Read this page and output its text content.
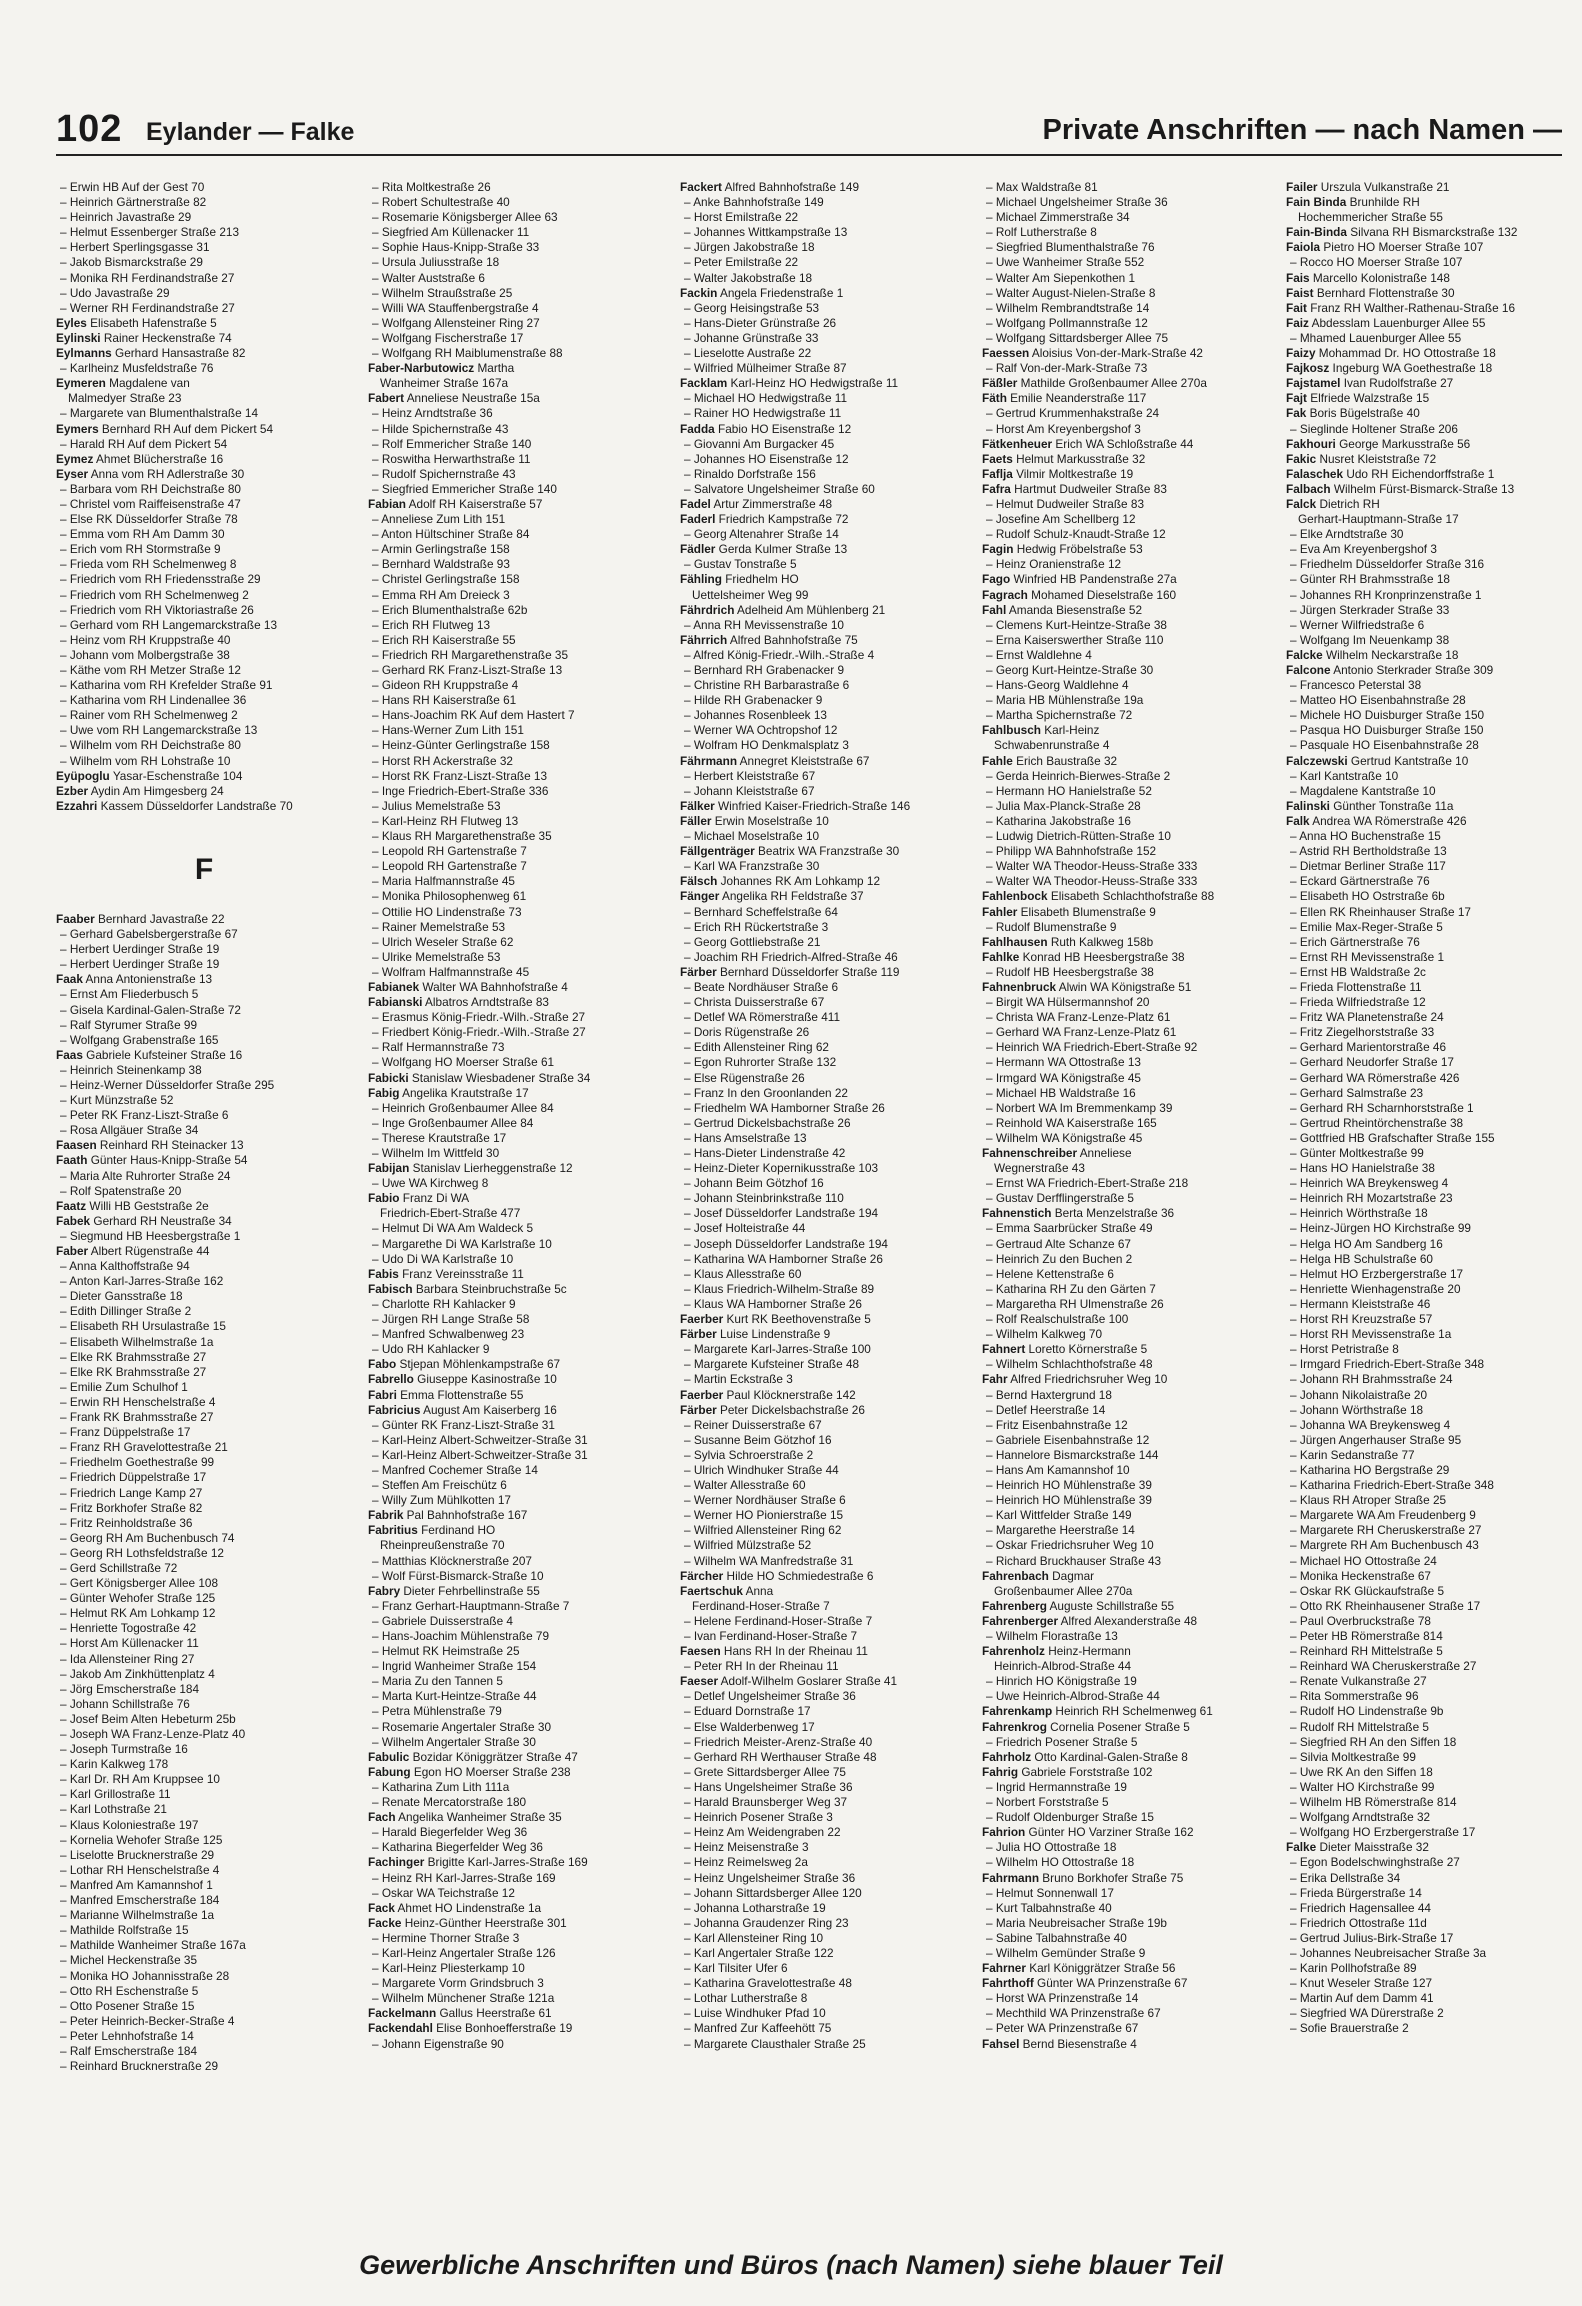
102 Eylander — Falke	Private Anschriften — nach Namen —
– Erwin HB Auf der Gest 70
– Heinrich Gärtnerstraße 82
– Heinrich Javastraße 29
– Helmut Essenberger Straße 213
– Herbert Sperlingsgasse 31
– Jakob Bismarckstraße 29
– Monika RH Ferdinandstraße 27
– Udo Javastraße 29
– Werner RH Ferdinandstraße 27
Eyles Elisabeth Hafenstraße 5
Eylinski Rainer Heckenstraße 74
Eylmanns Gerhard Hansastraße 82
– Karlheinz Musfeldstraße 76
Eymeren Magdalene van
Malmedyer Straße 23
– Margarete van Blumenthalstraße 14
Eymers Bernhard RH Auf dem Pickert 54
– Harald RH Auf dem Pickert 54
Eymez Ahmet Blücherstraße 16
Eyser Anna vom RH Adlerstraße 30
– Barbara vom RH Deichstraße 80
– Christel vom Raiffeisenstraße 47
– Else RK Düsseldorfer Straße 78
– Emma vom RH Am Damm 30
– Erich vom RH Stormstraße 9
– Frieda vom RH Schelmenweg 8
– Friedrich vom RH Friedensstraße 29
– Friedrich vom RH Schelmenweg 2
– Friedrich vom RH Viktoriastraße 26
– Gerhard vom RH Langemarckstraße 13
– Heinz vom RH Kruppstraße 40
– Johann vom Molbergstraße 38
– Käthe vom RH Metzer Straße 12
– Katharina vom RH Krefelder Straße 91
– Katharina vom RH Lindenallee 36
– Rainer vom RH Schelmenweg 2
– Uwe vom RH Langemarckstraße 13
– Wilhelm vom RH Deichstraße 80
– Wilhelm vom RH Lohstraße 10
Eyüpoglu Yasar-Eschenstraße 104
Ezber Aydin Am Himgesberg 24
Ezzahri Kassem Düsseldorfer Landstraße 70
F
Faaber Bernhard Javastraße 22
– Gerhard Gabelsbergerstraße 67
– Herbert Uerdinger Straße 19
– Herbert Uerdinger Straße 19
Faak Anna Antonienstraße 13
– Ernst Am Fliederbusch 5
– Gisela Kardinal-Galen-Straße 72
– Ralf Styrumer Straße 99
– Wolfgang Grabenstraße 165
Faas Gabriele Kufsteiner Straße 16
– Heinrich Steinenkamp 38
– Heinz-Werner Düsseldorfer Straße 295
– Kurt Münzstraße 52
– Peter RK Franz-Liszt-Straße 6
– Rosa Allgäuer Straße 34
Faasen Reinhard RH Steinacker 13
Faath Günter Haus-Knipp-Straße 54
– Maria Alte Ruhrorter Straße 24
– Rolf Spatenstraße 20
Faatz Willi HB Geststraße 2e
Fabek Gerhard RH Neustraße 34
– Siegmund HB Heesbergstraße 1
Faber Albert Rügenstraße 44
– Anna Kalthoffstraße 94
– Anton Karl-Jarres-Straße 162
– Dieter Gansstraße 18
– Edith Dillinger Straße 2
– Elisabeth RH Ursulastraße 15
– Elisabeth Wilhelmstraße 1a
– Elke RK Brahmsstraße 27
– Elke RK Brahmsstraße 27
– Emilie Zum Schulhof 1
– Erwin RH Henschelstraße 4
– Frank RK Brahmsstraße 27
– Franz Düppelstraße 17
– Franz RH Gravelottestraße 21
– Friedhelm Goethestraße 99
– Friedrich Düppelstraße 17
– Friedrich Lange Kamp 27
– Fritz Borkhofer Straße 82
– Fritz Reinholdstraße 36
– Georg RH Am Buchenbusch 74
– Georg RH Lothsfeldstraße 12
– Gerd Schillstraße 72
– Gert Königsberger Allee 108
– Günter Wehofer Straße 125
– Helmut RK Am Lohkamp 12
– Henriette Togostraße 42
– Horst Am Küllenacker 11
– Ida Allensteiner Ring 27
– Jakob Am Zinkhüttenplatz 4
– Jörg Emscherstraße 184
– Johann Schillstraße 76
– Josef Beim Alten Hebeturm 25b
– Joseph WA Franz-Lenze-Platz 40
– Joseph Turmstraße 16
– Karin Kalkweg 178
– Karl Dr. RH Am Kruppsee 10
– Karl Grillostraße 11
– Karl Lothstraße 21
– Klaus Koloniestraße 197
– Kornelia Wehofer Straße 125
– Liselotte Brucknerstraße 29
– Lothar RH Henschelstraße 4
– Manfred Am Kamannshof 1
– Manfred Emscherstraße 184
– Marianne Wilhelmstraße 1a
– Mathilde Rolfstraße 15
– Mathilde Wanheimer Straße 167a
– Michel Heckenstraße 35
– Monika HO Johannisstraße 28
– Otto RH Eschenstraße 5
– Otto Posener Straße 15
– Peter Heinrich-Becker-Straße 4
– Peter Lehnhofstraße 14
– Ralf Emscherstraße 184
– Reinhard Brucknerstraße 29
– Rita Moltkestraße 26
– Robert Schultestraße 40
– Rosemarie Königsberger Allee 63
– Siegfried Am Küllenacker 11
– Sophie Haus-Knipp-Straße 33
– Ursula Juliusstraße 18
– Walter Auststraße 6
– Wilhelm Straußstraße 25
– Willi WA Stauffenbergstraße 4
– Wolfgang Allensteiner Ring 27
– Wolfgang Fischerstraße 17
– Wolfgang RH Maiblumenstraße 88
Faber-Narbutowicz Martha
Wanheimer Straße 167a
Fabert Anneliese Neustraße 15a
– Heinz Arndtstraße 36
– Hilde Spichernstraße 43
– Rolf Emmericher Straße 140
– Roswitha Herwarthstraße 11
– Rudolf Spichernstraße 43
– Siegfried Emmericher Straße 140
Fabian Adolf RH Kaiserstraße 57
– Anneliese Zum Lith 151
– Anton Hültschiner Straße 84
– Armin Gerlingstraße 158
– Bernhard Waldstraße 93
– Christel Gerlingstraße 158
– Emma RH Am Dreieck 3
– Erich Blumenthalstraße 62b
– Erich RH Flutweg 13
– Erich RH Kaiserstraße 55
– Friedrich RH Margarethenstraße 35
– Gerhard RK Franz-Liszt-Straße 13
– Gideon RH Kruppstraße 4
– Hans RH Kaiserstraße 61
– Hans-Joachim RK Auf dem Hastert 7
– Hans-Werner Zum Lith 151
– Heinz-Günter Gerlingstraße 158
– Horst RH Ackerstraße 32
– Horst RK Franz-Liszt-Straße 13
– Inge Friedrich-Ebert-Straße 336
– Julius Memelstraße 53
– Karl-Heinz RH Flutweg 13
– Klaus RH Margarethenstraße 35
– Leopold RH Gartenstraße 7
– Leopold RH Gartenstraße 7
– Maria Halfmannstraße 45
– Monika Philosophenweg 61
– Ottilie HO Lindenstraße 73
– Rainer Memelstraße 53
– Ulrich Weseler Straße 62
– Ulrike Memelstraße 53
– Wolfram Halfmannstraße 45
Fabianek Walter WA Bahnhofstraße 4
Fabianski Albatros Arndtstraße 83
– Erasmus König-Friedr.-Wilh.-Straße 27
– Friedbert König-Friedr.-Wilh.-Straße 27
– Ralf Hermannstraße 73
– Wolfgang HO Moerser Straße 61
Fabicki Stanislaw Wiesbadener Straße 34
Fabig Angelika Krautstraße 17
– Heinrich Großenbaumer Allee 84
– Inge Großenbaumer Allee 84
– Therese Krautstraße 17
– Wilhelm Im Wittfeld 30
Fabijan Stanislav Lierheggenstraße 12
– Uwe WA Kirchweg 8
Fabio Franz Di WA
Friedrich-Ebert-Straße 477
– Helmut Di WA Am Waldeck 5
– Margarethe Di WA Karlstraße 10
– Udo Di WA Karlstraße 10
Fabis Franz Vereinsstraße 11
Fabisch Barbara Steinbruchstraße 5c
– Charlotte RH Kahlacker 9
– Jürgen RH Lange Straße 58
– Manfred Schwalbenweg 23
– Udo RH Kahlacker 9
Fabo Stjepan Möhlenkampstraße 67
Fabrello Giuseppe Kasinostraße 10
Fabri Emma Flottenstraße 55
Fabricius August Am Kaiserberg 16
– Günter RK Franz-Liszt-Straße 31
– Karl-Heinz Albert-Schweitzer-Straße 31
– Karl-Heinz Albert-Schweitzer-Straße 31
– Manfred Cochemer Straße 14
– Steffen Am Freischütz 6
– Willy Zum Mühlkotten 17
Fabrik Pal Bahnhofstraße 167
Fabritius Ferdinand HO
Rheinpreußenstraße 70
– Matthias Klöcknerstraße 207
– Wolf Fürst-Bismarck-Straße 10
Fabry Dieter Fehrbellinstraße 55
– Franz Gerhart-Hauptmann-Straße 7
– Gabriele Duisserstraße 4
– Hans-Joachim Mühlenstraße 79
– Helmut RK Heimstraße 25
– Ingrid Wanheimer Straße 154
– Maria Zu den Tannen 5
– Marta Kurt-Heintze-Straße 44
– Petra Mühlenstraße 79
– Rosemarie Angertaler Straße 30
– Wilhelm Angertaler Straße 30
Fabulic Bozidar Königgrätzer Straße 47
Fabung Egon HO Moerser Straße 238
– Katharina Zum Lith 111a
– Renate Mercatorstraße 180
Fach Angelika Wanheimer Straße 35
– Harald Biegerfelder Weg 36
– Katharina Biegerfelder Weg 36
Fachinger Brigitte Karl-Jarres-Straße 169
– Heinz RH Karl-Jarres-Straße 169
– Oskar WA Teichstraße 12
Fack Ahmet HO Lindenstraße 1a
Facke Heinz-Günther Heerstraße 301
– Hermine Thorner Straße 3
– Karl-Heinz Angertaler Straße 126
– Karl-Heinz Pliesterkamp 10
– Margarete Vorm Grindsbruch 3
– Wilhelm Münchener Straße 121a
Fackelmann Gallus Heerstraße 61
Fackendahl Elise Bonhoefferstraße 19
– Johann Eigenstraße 90
Fackert Alfred Bahnhofstraße 149
– Anke Bahnhofstraße 149
– Horst Emilstraße 22
– Johannes Wittkampstraße 13
– Jürgen Jakobstraße 18
– Peter Emilstraße 22
– Walter Jakobstraße 18
Fackin Angela Friedenstraße 1
– Georg Heisingstraße 53
– Hans-Dieter Grünstraße 26
– Johanne Grünstraße 33
– Lieselotte Austraße 22
– Wilfried Mülheimer Straße 87
Facklam Karl-Heinz HO Hedwigstraße 11
– Michael HO Hedwigstraße 11
– Rainer HO Hedwigstraße 11
Fadda Fabio HO Eisenstraße 12
– Giovanni Am Burgacker 45
– Johannes HO Eisenstraße 12
– Rinaldo Dorfstraße 156
– Salvatore Ungelsheimer Straße 60
Fadel Artur Zimmerstraße 48
Faderl Friedrich Kampstraße 72
– Georg Altenahrer Straße 14
Fädler Gerda Kulmer Straße 13
– Gustav Tonstraße 5
Fähling Friedhelm HO
Uettelsheimer Weg 99
Fährdrich Adelheid Am Mühlenberg 21
– Anna RH Mevissenstraße 10
Fährrich Alfred Bahnhofstraße 75
– Alfred König-Friedr.-Wilh.-Straße 4
– Bernhard RH Grabenacker 9
– Christine RH Barbarastraße 6
– Hilde RH Grabenacker 9
– Johannes Rosenbleek 13
– Werner WA Ochtropshof 12
– Wolfram HO Denkmalsplatz 3
Fährmann Annegret Kleiststraße 67
– Herbert Kleiststraße 67
– Johann Kleiststraße 67
Fälker Winfried Kaiser-Friedrich-Straße 146
Fäller Erwin Moselstraße 10
– Michael Moselstraße 10
Fällgenträger Beatrix WA Franzstraße 30
– Karl WA Franzstraße 30
Fälsch Johannes RK Am Lohkamp 12
Fänger Angelika RH Feldstraße 37
– Bernhard Scheffelstraße 64
– Erich RH Rückertstraße 3
– Georg Gottliebstraße 21
– Joachim RH Friedrich-Alfred-Straße 46
Färber Bernhard Düsseldorfer Straße 119
– Beate Nordhäuser Straße 6
– Christa Duisserstraße 67
– Detlef WA Römerstraße 411
– Doris Rügenstraße 26
– Edith Allensteiner Ring 62
– Egon Ruhrorter Straße 132
– Else Rügenstraße 26
– Franz In den Groonlanden 22
– Friedhelm WA Hamborner Straße 26
– Gertrud Dickelsbachstraße 26
– Hans Amselstraße 13
– Hans-Dieter Lindenstraße 42
– Heinz-Dieter Kopernikusstraße 103
– Johann Beim Götzhof 16
– Johann Steinbrinkstraße 110
– Josef Düsseldorfer Landstraße 194
– Josef Holteistraße 44
– Joseph Düsseldorfer Landstraße 194
– Katharina WA Hamborner Straße 26
– Klaus Allesstraße 60
– Klaus Friedrich-Wilhelm-Straße 89
– Klaus WA Hamborner Straße 26
Faerber Kurt RK Beethovenstraße 5
Färber Luise Lindenstraße 9
– Margarete Karl-Jarres-Straße 100
– Margarete Kufsteiner Straße 48
– Martin Eckstraße 3
Faerber Paul Klöcknerstraße 142
Färber Peter Dickelsbachstraße 26
– Reiner Duisserstraße 67
– Susanne Beim Götzhof 16
– Sylvia Schroerstraße 2
– Ulrich Windhuker Straße 44
– Walter Allesstraße 60
– Werner Nordhäuser Straße 6
– Werner HO Pionierstraße 15
– Wilfried Allensteiner Ring 62
– Wilfried Mülzstraße 52
– Wilhelm WA Manfredstraße 31
Färcher Hilde HO Schmiedestraße 6
Faertschuk Anna
Ferdinand-Hoser-Straße 7
– Helene Ferdinand-Hoser-Straße 7
– Ivan Ferdinand-Hoser-Straße 7
Faesen Hans RH In der Rheinau 11
– Peter RH In der Rheinau 11
Faeser Adolf-Wilhelm Goslarer Straße 41
– Detlef Ungelsheimer Straße 36
– Eduard Dornstraße 17
– Else Walderbenweg 17
– Friedrich Meister-Arenz-Straße 40
– Gerhard RH Werthauser Straße 48
– Grete Sittardsberger Allee 75
– Hans Ungelsheimer Straße 36
– Harald Braunsberger Weg 37
– Heinrich Posener Straße 3
– Heinz Am Weidengraben 22
– Heinz Meisenstraße 3
– Heinz Reimelsweg 2a
– Heinz Ungelsheimer Straße 36
– Johann Sittardsberger Allee 120
– Johanna Lotharstraße 19
– Johanna Graudenzer Ring 23
– Karl Allensteiner Ring 10
– Karl Angertaler Straße 122
– Karl Tilsiter Ufer 6
– Katharina Gravelottestraße 48
– Lothar Lutherstraße 8
– Luise Windhuker Pfad 10
– Manfred Zur Kaffeehött 75
– Margarete Clausthaler Straße 25
– Max Waldstraße 81
– Michael Ungelsheimer Straße 36
– Michael Zimmerstraße 34
– Rolf Lutherstraße 8
– Siegfried Blumenthalstraße 76
– Uwe Wanheimer Straße 552
– Walter Am Siepenkothen 1
– Walter August-Nielen-Straße 8
– Wilhelm Rembrandtstraße 14
– Wolfgang Pollmannstraße 12
– Wolfgang Sittardsberger Allee 75
Faessen Aloisius Von-der-Mark-Straße 42
– Ralf Von-der-Mark-Straße 73
Fäßler Mathilde Großenbaumer Allee 270a
Fäth Emilie Neanderstraße 117
– Gertrud Krummenhakstraße 24
– Horst Am Kreyenbergshof 3
Fätkenheuer Erich WA Schloßstraße 44
Faets Helmut Markusstraße 32
Faflja Vilmir Moltkestraße 19
Fafra Hartmut Dudweiler Straße 83
– Helmut Dudweiler Straße 83
– Josefine Am Schellberg 12
– Rudolf Schulz-Knaudt-Straße 12
Fagin Hedwig Fröbelstraße 53
– Heinz Oranienstraße 12
Fago Winfried HB Pandenstraße 27a
Fagrach Mohamed Dieselstraße 160
Fahl Amanda Biesenstraße 52
– Clemens Kurt-Heintze-Straße 38
– Erna Kaiserswerther Straße 110
– Ernst Waldlehne 4
– Georg Kurt-Heintze-Straße 30
– Hans-Georg Waldlehne 4
– Maria HB Mühlenstraße 19a
– Martha Spichernstraße 72
Fahlbusch Karl-Heinz
Schwabenrunstraße 4
Fahle Erich Baustraße 32
– Gerda Heinrich-Bierwes-Straße 2
– Hermann HO Hanielstraße 52
– Julia Max-Planck-Straße 28
– Katharina Jakobstraße 16
– Ludwig Dietrich-Rütten-Straße 10
– Philipp WA Bahnhofstraße 152
– Walter WA Theodor-Heuss-Straße 333
– Walter WA Theodor-Heuss-Straße 333
Fahlenbock Elisabeth Schlachthofstraße 88
Fahler Elisabeth Blumenstraße 9
– Rudolf Blumenstraße 9
Fahlhausen Ruth Kalkweg 158b
Fahlke Konrad HB Heesbergstraße 38
– Rudolf HB Heesbergstraße 38
Fahnenbruck Alwin WA Königstraße 51
– Birgit WA Hülsermannshof 20
– Christa WA Franz-Lenze-Platz 61
– Gerhard WA Franz-Lenze-Platz 61
– Heinrich WA Friedrich-Ebert-Straße 92
– Hermann WA Ottostraße 13
– Irmgard WA Königstraße 45
– Michael HB Waldstraße 16
– Norbert WA Im Bremmenkamp 39
– Reinhold WA Kaiserstraße 165
– Wilhelm WA Königstraße 45
Fahnenschreiber Anneliese
Wegnerstraße 43
– Ernst WA Friedrich-Ebert-Straße 218
– Gustav Derfflingerstraße 5
Fahnenstich Berta Menzelstraße 36
– Emma Saarbrücker Straße 49
– Gertraud Alte Schanze 67
– Heinrich Zu den Buchen 2
– Helene Kettenstraße 6
– Katharina RH Zu den Gärten 7
– Margaretha RH Ulmenstraße 26
– Rolf Realschulstraße 100
– Wilhelm Kalkweg 70
Fahnert Loretto Körnerstraße 5
– Wilhelm Schlachthofstraße 48
Fahr Alfred Friedrichsruher Weg 10
– Bernd Haxtergrund 18
– Detlef Heerstraße 14
– Fritz Eisenbahnstraße 12
– Gabriele Eisenbahnstraße 12
– Hannelore Bismarckstraße 144
– Hans Am Kamannshof 10
– Heinrich HO Mühlenstraße 39
– Heinrich HO Mühlenstraße 39
– Karl Wittfelder Straße 149
– Margarethe Heerstraße 14
– Oskar Friedrichsruher Weg 10
– Richard Bruckhauser Straße 43
Fahrenbach Dagmar
Großenbaumer Allee 270a
Fahrenberg Auguste Schillstraße 55
Fahrenberger Alfred Alexanderstraße 48
– Wilhelm Florastraße 13
Fahrenholz Heinz-Hermann
Heinrich-Albrod-Straße 44
– Hinrich HO Königstraße 19
– Uwe Heinrich-Albrod-Straße 44
Fahrenkamp Heinrich RH Schelmenweg 61
Fahrenkrog Cornelia Posener Straße 5
– Friedrich Posener Straße 5
Fahrholz Otto Kardinal-Galen-Straße 8
Fahrig Gabriele Forststraße 102
– Ingrid Hermannstraße 19
– Norbert Forststraße 5
– Rudolf Oldenburger Straße 15
Fahrion Günter HO Varziner Straße 162
– Julia HO Ottostraße 18
– Wilhelm HO Ottostraße 18
Fahrmann Bruno Borkhofer Straße 75
– Helmut Sonnenwall 17
– Kurt Talbahnstraße 40
– Maria Neubreisacher Straße 19b
– Sabine Talbahnstraße 40
– Wilhelm Gemünder Straße 9
Fahrner Karl Königgrätzer Straße 56
Fahrthoff Günter WA Prinzenstraße 67
– Horst WA Prinzenstraße 14
– Mechthild WA Prinzenstraße 67
– Peter WA Prinzenstraße 67
Fahsel Bernd Biesenstraße 4
Failer Urszula Vulkanstraße 21
Fain Binda Brunhilde RH
Hochemmericher Straße 55
Fain-Binda Silvana RH Bismarckstraße 132
Faiola Pietro HO Moerser Straße 107
– Rocco HO Moerser Straße 107
Fais Marcello Kolonistraße 148
Faist Bernhard Flottenstraße 30
Fait Franz RH Walther-Rathenau-Straße 16
Faiz Abdesslam Lauenburger Allee 55
– Mhamed Lauenburger Allee 55
Faizy Mohammad Dr. HO Ottostraße 18
Fajkosz Ingeburg WA Goethestraße 18
Fajstamel Ivan Rudolfstraße 27
Fajt Elfriede Walzstraße 15
Fak Boris Bügelstraße 40
– Sieglinde Holtener Straße 206
Fakhouri George Markusstraße 56
Fakic Nusret Kleiststraße 72
Falaschek Udo RH Eichendorffstraße 1
Falbach Wilhelm Fürst-Bismarck-Straße 13
Falck Dietrich RH
Gerhart-Hauptmann-Straße 17
– Elke Arndtstraße 30
– Eva Am Kreyenbergshof 3
– Friedhelm Düsseldorfer Straße 316
– Günter RH Brahmsstraße 18
– Johannes RH Kronprinzenstraße 1
– Jürgen Sterkrader Straße 33
– Werner Wilfriedstraße 6
– Wolfgang Im Neuenkamp 38
Falcke Wilhelm Neckarstraße 18
Falcone Antonio Sterkrader Straße 309
– Francesco Peterstal 38
– Matteo HO Eisenbahnstraße 28
– Michele HO Duisburger Straße 150
– Pasqua HO Duisburger Straße 150
– Pasquale HO Eisenbahnstraße 28
Falczewski Gertrud Kantstraße 10
– Karl Kantstraße 10
– Magdalene Kantstraße 10
Falinski Günther Tonstraße 11a
Falk Andrea WA Römerstraße 426
– Anna HO Buchenstraße 15
– Astrid RH Bertholdstraße 13
– Dietmar Berliner Straße 117
– Eckard Gärtnerstraße 76
– Elisabeth HO Ostrstraße 6b
– Ellen RK Rheinhauser Straße 17
– Emilie Max-Reger-Straße 5
– Erich Gärtnerstraße 76
– Ernst RH Mevissenstraße 1
– Ernst HB Waldstraße 2c
– Frieda Flottenstraße 11
– Frieda Wilfriedstraße 12
– Fritz WA Planetenstraße 24
– Fritz Ziegelhorststraße 33
– Gerhard Marientorstraße 46
– Gerhard Neudorfer Straße 17
– Gerhard WA Römerstraße 426
– Gerhard Salmstraße 23
– Gerhard RH Scharnhorststraße 1
– Gertrud Rheintörchenstraße 38
– Gottfried HB Grafschafter Straße 155
– Günter Moltkestraße 99
– Hans HO Hanielstraße 38
– Heinrich WA Breykensweg 4
– Heinrich RH Mozartstraße 23
– Heinrich Wörthstraße 18
– Heinz-Jürgen HO Kirchstraße 99
– Helga HO Am Sandberg 16
– Helga HB Schulstraße 60
– Helmut HO Erzbergerstraße 17
– Henriette Wienhagenstraße 20
– Hermann Kleiststraße 46
– Horst RH Kreuzstraße 57
– Horst RH Mevissenstraße 1a
– Horst Petristraße 8
– Irmgard Friedrich-Ebert-Straße 348
– Johann RH Brahmsstraße 24
– Johann Nikolaistraße 20
– Johann Wörthstraße 18
– Johanna WA Breykensweg 4
– Jürgen Angerhauser Straße 95
– Karin Sedanstraße 77
– Katharina HO Bergstraße 29
– Katharina Friedrich-Ebert-Straße 348
– Klaus RH Atroper Straße 25
– Margarete WA Am Freudenberg 9
– Margarete RH Cheruskerstraße 27
– Margrete RH Am Buchenbusch 43
– Michael HO Ottostraße 24
– Monika Heckenstraße 67
– Oskar RK Glückaufstraße 5
– Otto RK Rheinhausener Straße 17
– Paul Overbruckstraße 78
– Peter HB Römerstraße 814
– Reinhard RH Mittelstraße 5
– Reinhard WA Cheruskerstraße 27
– Renate Vulkanstraße 27
– Rita Sommerstraße 96
– Rudolf HO Lindenstraße 9b
– Rudolf RH Mittelstraße 5
– Siegfried RH An den Siffen 18
– Silvia Moltkestraße 99
– Uwe RK An den Siffen 18
– Walter HO Kirchstraße 99
– Wilhelm HB Römerstraße 814
– Wolfgang Arndtstraße 32
– Wolfgang HO Erzbergerstraße 17
Falke Dieter Maisstraße 32
– Egon Bodelschwinghstraße 27
– Erika Dellstraße 34
– Frieda Bürgerstraße 14
– Friedrich Hagensallee 44
– Friedrich Ottostraße 11d
– Gertrud Julius-Birk-Straße 17
– Johannes Neubreisacher Straße 3a
– Karin Pollhofstraße 89
– Knut Weseler Straße 127
– Martin Auf dem Damm 41
– Siegfried WA Dürerstraße 2
– Sofie Brauerstraße 2
Gewerbliche Anschriften und Büros (nach Namen) siehe blauer Teil
